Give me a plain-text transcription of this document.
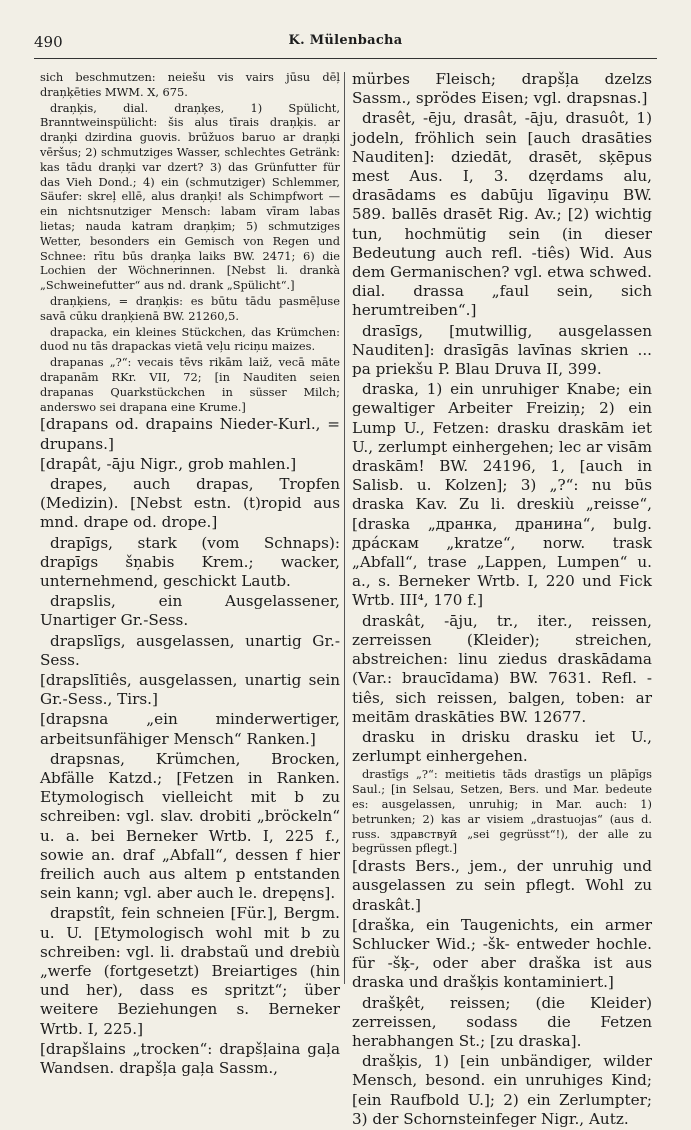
490	K. Mülenbacha

sich beschmutzen: neiešu vis vairs jūsu dēļ draņķēties MWM. X, 675.

draņķis, dial. draņķes, 1) Spülicht, Branntweinspülicht: šis alus tīrais draņķis. ar draņķi dzirdina guovis. brūžuos baruo ar draņķi vēršus; 2) schmutziges Wasser, schlechtes Getränk: kas tādu draņķi var dzert? 3) das Grünfutter für das Vieh Dond.; 4) ein (schmutziger) Schlemmer, Säufer: skreļ ellē, alus draņķi! als Schimpfwort — ein nichtsnutziger Mensch: labam vīram labas lietas; nauda katram draņķim; 5) schmutziges Wetter, besonders ein Gemisch von Regen und Schnee: rītu būs draņķa laiks BW. 2471; 6) die Lochien der Wöchnerinnen. [Nebst li. drankà „Schweinefutter“ aus nd. drank „Spülicht“.]

draņķiens, = draņķis: es būtu tādu pasmēļuse savā cūku draņķienā BW. 21260,5.

drapacka, ein kleines Stückchen, das Krümchen: duod nu tās drapackas vietā veļu riciņu maizes.

drapanas „?“: vecais tēvs rikām laiž, vecā māte drapanām RKr. VII, 72; [in Nauditen seien drapanas Quarkstückchen in süsser Milch; anderswo sei drapana eine Krume.]

[drapans od. drapains Nieder-Kurl., = drupans.]

[drapât, -āju Nigr., grob mahlen.]

drapes, auch drapas, Tropfen (Medizin). [Nebst estn. (t)ropid aus mnd. drape od. drope.]

drapīgs, stark (vom Schnaps): drapīgs šņabis Krem.; wacker, unternehmend, geschickt Lautb.

drapslis, ein Ausgelassener, Unartiger Gr.-Sess.

drapslīgs, ausgelassen, unartig Gr.-Sess.

[drapslītiês, ausgelassen, unartig sein Gr.-Sess., Tirs.]

[drapsna „ein minderwertiger, arbeitsunfähiger Mensch“ Ranken.]

drapsnas, Krümchen, Brocken, Abfälle Katzd.; [Fetzen in Ranken. Etymologisch vielleicht mit b zu schreiben: vgl. slav. drobiti „bröckeln“ u. a. bei Berneker Wrtb. I, 225 f., sowie an. draf „Abfall“, dessen f hier freilich auch aus altem p entstanden sein kann; vgl. aber auch le. drepęns].

drapstît, fein schneien [Für.], Bergm. u. U. [Etymologisch wohl mit b zu schreiben: vgl. li. drabstaũ und drebiù „werfe (fortgesetzt) Breiartiges (hin und her), dass es spritzt“; über weitere Beziehungen s. Berneker Wrtb. I, 225.]

[drapšlains „trocken“: drapšļaina gaļa Wandsen. drapšļa gaļa Sassm.,

mürbes Fleisch; drapšļa dzelzs Sassm., sprödes Eisen; vgl. drapsnas.]

drasêt, -ēju, drasât, -āju, drasuôt, 1) jodeln, fröhlich sein [auch drasāties Nauditen]: dziedāt, drasēt, sķēpus mest Aus. I, 3. dzęrdams alu, drasādams es dabūju līgaviņu BW. 589. ballēs drasēt Rig. Av.; [2) wichtig tun, hochmütig sein (in dieser Bedeutung auch refl. -tiês) Wid. Aus dem Germanischen? vgl. etwa schwed. dial. drassa „faul sein, sich herumtreiben“.]

drasīgs, [mutwillig, ausgelassen Nauditen]: drasīgās lavīnas skrien ... pa priekšu P. Blau Druva II, 399.

draska, 1) ein unruhiger Knabe; ein gewaltiger Arbeiter Freiziņ; 2) ein Lump U., Fetzen: drasku draskām iet U., zerlumpt einhergehen; lec ar visām draskām! BW. 24196, 1, [auch in Salisb. u. Kolzen]; 3) „?“: nu būs draska Kav. Zu li. dreskiù „reisse“, [draska „дранка, дранина“, bulg. дpácкaм „kratze“, norw. trask „Abfall“, trase „Lappen, Lumpen“ u. a., s. Berneker Wrtb. I, 220 und Fick Wrtb. III⁴, 170 f.]

draskât, -āju, tr., iter., reissen, zerreissen (Kleider); streichen, abstreichen: linu ziedus draskādama (Var.: braucīdama) BW. 7631. Refl. -tiês, sich reissen, balgen, toben: ar meitām draskāties BW. 12677.

drasku in drisku drasku iet U., zerlumpt einhergehen.

drastīgs „?“: meitietis tāds drastīgs un plāpīgs Saul.; [in Selsau, Setzen, Bers. und Mar. bedeute es: ausgelassen, unruhig; in Mar. auch: 1) betrunken; 2) kas ar visiem „drastuojas“ (aus d. russ. здравствуй „sei gegrüsst“!), der alle zu begrüssen pflegt.]

[drasts Bers., jem., der unruhig und ausgelassen zu sein pflegt. Wohl zu draskât.]

[draška, ein Taugenichts, ein armer Schlucker Wid.; -šk- entweder hochle. für -šķ-, oder aber draška ist aus draska und drašķis kontaminiert.]

drašķêt, reissen; (die Kleider) zerreissen, sodass die Fetzen herabhangen St.; [zu draska].

drašķis, 1) [ein unbändiger, wilder Mensch, besond. ein unruhiges Kind; [ein Raufbold U.]; 2) ein Zerlumpter; 3) der Schornsteinfeger Nigr., Autz.
